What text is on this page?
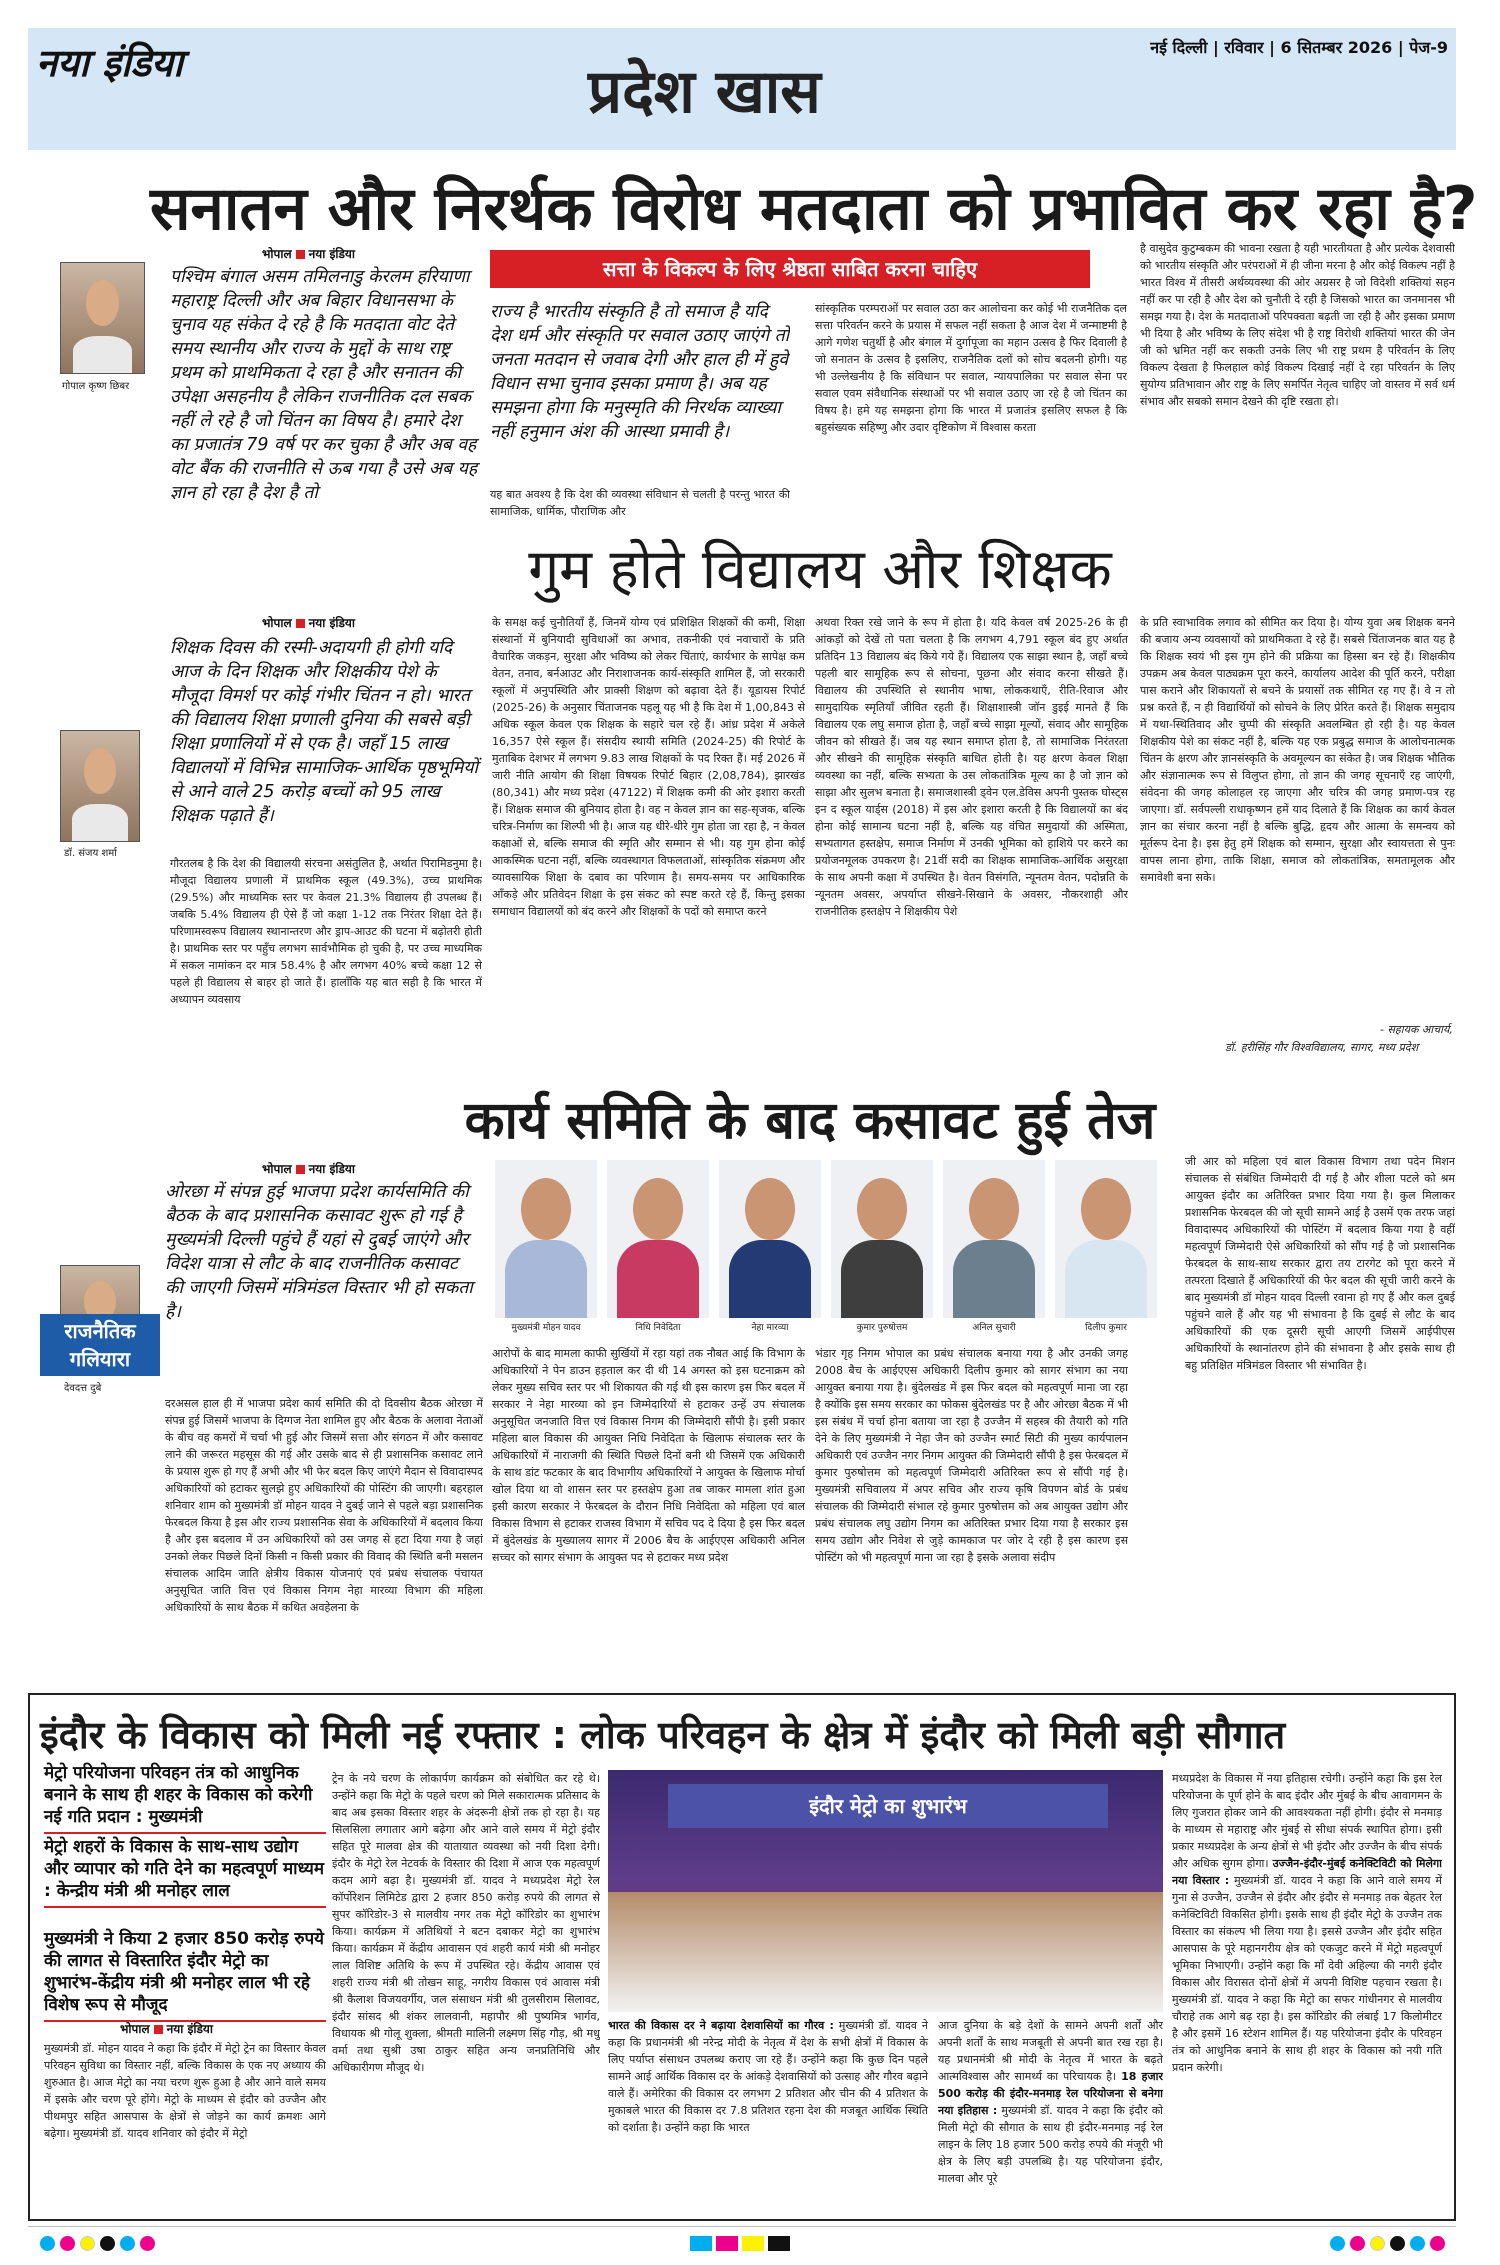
नया इंडिया	प्रदेश खास
नई दिल्ली | रविवार | 6 सितम्बर 2026 | पेज-9
सनातन और निरर्थक विरोध मतदाता को प्रभावित कर रहा है?
भोपाल नया इंडिया
सत्ता के विकल्प के लिए श्रेष्ठता साबित करना चाहिए
गोपाल कृष्ण छिबर
पश्चिम बंगाल असम तमिलनाडु केरलम हरियाणा महाराष्ट्र दिल्ली और अब बिहार विधानसभा के चुनाव यह संकेत दे रहे है कि मतदाता वोट देते समय स्थानीय और राज्य के मुद्दों के साथ राष्ट्र प्रथम को प्राथमिकता दे रहा है और सनातन की उपेक्षा असहनीय है लेकिन राजनीतिक दल सबक नहीं ले रहे है जो चिंतन का विषय है। हमारे देश का प्रजातंत्र 79 वर्ष पर कर चुका है और अब वह वोट बैंक की राजनीति से ऊब गया है उसे अब यह ज्ञान हो रहा है देश है तो
राज्य है भारतीय संस्कृति है तो समाज है यदि देश धर्म और संस्कृति पर सवाल उठाए जाएंगे तो जनता मतदान से जवाब देगी और हाल ही में हुवे विधान सभा चुनाव इसका प्रमाण है। अब यह समझना होगा कि मनुस्मृति की निरर्थक व्याख्या नहीं हनुमान अंश की आस्था प्रमावी है।
यह बात अवश्य है कि देश की व्यवस्था संविधान से चलती है परन्तु भारत की सामाजिक, धार्मिक, पौराणिक और
सांस्कृतिक परम्पराओं पर सवाल उठा कर आलोचना कर कोई भी राजनैतिक दल सत्ता परिवर्तन करने के प्रयास में सफल नहीं सकता है आज देश में जन्माष्टमी है आगे गणेश चतुर्थी है और बंगाल में दुर्गापूजा का महान उत्सव है फिर दिवाली है जो सनातन के उत्सव है इसलिए, राजनैतिक दलों को सोच बदलनी होगी। यह भी उल्लेखनीय है कि संविधान पर सवाल, न्यायपालिका पर सवाल सेना पर सवाल एवम संवैधानिक संस्थाओं पर भी सवाल उठाए जा रहे है जो चिंतन का विषय है। हमे यह समझना होगा कि भारत में प्रजातंत्र इसलिए सफल है कि बहुसंख्यक सहिष्णु और उदार दृष्टिकोण में विश्वास करता
है वासुदेव कुटुम्बकम की भावना रखता है यही भारतीयता है और प्रत्येक देशवासी को भारतीय संस्कृति और परंपराओं में ही जीना मरना है और कोई विकल्प नहीं है भारत विश्व में तीसरी अर्थव्यवस्था की ओर अग्रसर है जो विदेशी शक्तियां सहन नहीं कर पा रही है और देश को चुनौती दे रही है जिसको भारत का जनमानस भी समझ गया है। देश के मतदाताओं परिपक्वता बढ़ती जा रही है और इसका प्रमाण भी दिया है और भविष्य के लिए संदेश भी है राष्ट्र विरोधी शक्तियां भारत की जेन जी को भ्रमित नहीं कर सकती उनके लिए भी राष्ट्र प्रथम है परिवर्तन के लिए विकल्प देखता है फिलहाल कोई विकल्प दिखाई नहीं दे रहा परिवर्तन के लिए सुयोग्य प्रतिभावान और राष्ट्र के लिए समर्पित नेतृत्व चाहिए जो वास्तव में सर्व धर्म संभाव और सबको समान देखने की दृष्टि रखता हो।
गुम होते विद्यालय और शिक्षक
भोपाल नया इंडिया
डॉ. संजय शर्मा
शिक्षक दिवस की रस्मी-अदायगी ही होगी यदि आज के दिन शिक्षक और शिक्षकीय पेशे के मौजूदा विमर्श पर कोई गंभीर चिंतन न हो। भारत की विद्यालय शिक्षा प्रणाली दुनिया की सबसे बड़ी शिक्षा प्रणालियों में से एक है। जहाँ 15 लाख विद्यालयों में विभिन्न सामाजिक-आर्थिक पृष्ठभूमियों से आने वाले 25 करोड़ बच्चों को 95 लाख शिक्षक पढ़ाते हैं।
गौरतलब है कि देश की विद्यालयी संरचना असंतुलित है, अर्थात पिरामिडनुमा है। मौजूदा विद्यालय प्रणाली में प्राथमिक स्कूल (49.3%), उच्च प्राथमिक (29.5%) और माध्यमिक स्तर पर केवल 21.3% विद्यालय ही उपलब्ध हैं। जबकि 5.4% विद्यालय ही ऐसे हैं जो कक्षा 1-12 तक निरंतर शिक्षा देते हैं। परिणामस्वरूप विद्यालय स्थानान्तरण और ड्राप-आउट की घटना में बढ़ोतरी होती है। प्राथमिक स्तर पर पहुँच लगभग सार्वभौमिक हो चुकी है, पर उच्च माध्यमिक में सकल नामांकन दर मात्र 58.4% है और लगभग 40% बच्चे कक्षा 12 से पहले ही विद्यालय से बाहर हो जाते हैं। हालाँकि यह बात सही है कि भारत में अध्यापन व्यवसाय
के समक्ष कई चुनौतियाँ हैं, जिनमें योग्य एवं प्रशिक्षित शिक्षकों की कमी, शिक्षा संस्थानों में बुनियादी सुविधाओं का अभाव, तकनीकी एवं नवाचारों के प्रति वैचारिक जकड़न, सुरक्षा और भविष्य को लेकर चिंताएं, कार्यभार के सापेक्ष कम वेतन, तनाव, बर्नआउट और निराशाजनक कार्य-संस्कृति शामिल हैं, जो सरकारी स्कूलों में अनुपस्थिति और प्राक्सी शिक्षण को बढ़ावा देते हैं। यूडायस रिपोर्ट (2025-26) के अनुसार चिंताजनक पहलू यह भी है कि देश में 1,00,843 से अधिक स्कूल केवल एक शिक्षक के सहारे चल रहे हैं। आंध्र प्रदेश में अकेले 16,357 ऐसे स्कूल हैं। संसदीय स्थायी समिति (2024-25) की रिपोर्ट के मुताबिक देशभर में लगभग 9.83 लाख शिक्षकों के पद रिक्त हैं। मई 2026 में जारी नीति आयोग की शिक्षा विषयक रिपोर्ट बिहार (2,08,784), झारखंड (80,341) और मध्य प्रदेश (47122) में शिक्षक कमी की ओर इशारा करती हैं। शिक्षक समाज की बुनियाद होता है। वह न केवल ज्ञान का सह-सृजक, बल्कि चरित्र-निर्माण का शिल्पी भी है। आज यह धीरे-धीरे गुम होता जा रहा है, न केवल कक्षाओं से, बल्कि समाज की स्मृति और सम्मान से भी। यह गुम होना कोई आकस्मिक घटना नहीं, बल्कि व्यवस्थागत विफलताओं, सांस्कृतिक संक्रमण और व्यावसायिक शिक्षा के दबाव का परिणाम है। समय-समय पर आधिकारिक आँकड़े और प्रतिवेदन शिक्षा के इस संकट को स्पष्ट करते रहे हैं, किन्तु इसका समाधान विद्यालयों को बंद करने और शिक्षकों के पदों को समाप्त करने
अथवा रिक्त रखे जाने के रूप में होता है। यदि केवल वर्ष 2025-26 के ही आंकड़ों को देखें तो पता चलता है कि लगभग 4,791 स्कूल बंद हुए अर्थात प्रतिदिन 13 विद्यालय बंद किये गये हैं। विद्यालय एक साझा स्थान है, जहाँ बच्चे पहली बार सामूहिक रूप से सोचना, पूछना और संवाद करना सीखते हैं। विद्यालय की उपस्थिति से स्थानीय भाषा, लोककथाएँ, रीति-रिवाज और सामुदायिक स्मृतियाँ जीवित रहती हैं। शिक्षाशास्त्री जॉन डुइई मानते हैं कि विद्यालय एक लघु समाज होता है, जहाँ बच्चे साझा मूल्यों, संवाद और सामूहिक जीवन को सीखते हैं। जब यह स्थान समाप्त होता है, तो सामाजिक निरंतरता और सीखने की सामूहिक संस्कृति बाधित होती है। यह क्षरण केवल शिक्षा व्यवस्था का नहीं, बल्कि सभ्यता के उस लोकतांत्रिक मूल्य का है जो ज्ञान को साझा और सुलभ बनाता है। समाजशास्त्री ड्वेन एल.डेविस अपनी पुस्तक घोस्ट्स इन द स्कूल यार्ड्स (2018) में इस ओर इशारा करती है कि विद्यालयों का बंद होना कोई सामान्य घटना नहीं है, बल्कि यह वंचित समुदायों की अस्मिता, सभ्यतागत हस्तक्षेप, समाज निर्माण में उनकी भूमिका को हाशिये पर करने का प्रयोजनमूलक उपकरण है। 21वीं सदी का शिक्षक सामाजिक-आर्थिक असुरक्षा के साथ अपनी कक्षा में उपस्थित है। वेतन विसंगति, न्यूनतम वेतन, पदोन्नति के न्यूनतम अवसर, अपर्याप्त सीखने-सिखाने के अवसर, नौकरशाही और राजनीतिक हस्तक्षेप ने शिक्षकीय पेशे
के प्रति स्वाभाविक लगाव को सीमित कर दिया है। योग्य युवा अब शिक्षक बनने की बजाय अन्य व्यवसायों को प्राथमिकता दे रहे हैं। सबसे चिंताजनक बात यह है कि शिक्षक स्वयं भी इस गुम होने की प्रक्रिया का हिस्सा बन रहे हैं। शिक्षकीय उपक्रम अब केवल पाठ्यक्रम पूरा करने, कार्यालय आदेश की पूर्ति करने, परीक्षा पास कराने और शिकायतों से बचने के प्रयासों तक सीमित रह गए हैं। वे न तो प्रश्न करते हैं, न ही विद्यार्थियों को सोचने के लिए प्रेरित करते हैं। शिक्षक समुदाय में यथा-स्थितिवाद और चुप्पी की संस्कृति अवलम्बित हो रही है। यह केवल शिक्षकीय पेशे का संकट नहीं है, बल्कि यह एक प्रबुद्ध समाज के आलोचनात्मक चिंतन के क्षरण और ज्ञानसंस्कृति के अवमूल्यन का संकेत है। जब शिक्षक भौतिक और संज्ञानात्मक रूप से विलुप्त होगा, तो ज्ञान की जगह सूचनाएँ रह जाएंगी, संवेदना की जगह कोलाहल रह जाएगा और चरित्र की जगह प्रमाण-पत्र रह जाएगा। डॉ. सर्वपल्ली राधाकृष्णन हमें याद दिलाते हैं कि शिक्षक का कार्य केवल ज्ञान का संचार करना नहीं है बल्कि बुद्धि, हृदय और आत्मा के समन्वय को मूर्तरूप देना है। इस हेतु हमें शिक्षक को सम्मान, सुरक्षा और स्वायत्तता से पुनः वापस लाना होगा, ताकि शिक्षा, समाज को लोकतांत्रिक, समतामूलक और समावेशी बना सके।
- सहायक आचार्य,
डॉ. हरीसिंह गौर विश्वविद्यालय, सागर, मध्य प्रदेश
कार्य समिति के बाद कसावट हुई तेज
भोपाल नया इंडिया
ओरछा में संपन्न हुई भाजपा प्रदेश कार्यसमिति की बैठक के बाद प्रशासनिक कसावट शुरू हो गई है मुख्यमंत्री दिल्ली पहुंचे हैं यहां से दुबई जाएंगे और विदेश यात्रा से लौट के बाद राजनीतिक कसावट की जाएगी जिसमें मंत्रिमंडल विस्तार भी हो सकता है।
राजनैतिक गलियारा
देवदत्त दुबे
मुख्यमंत्री मोहन यादव	निधि निवेदिता	नेहा मारव्या	कुमार पुरुषोत्तम	अनिल सुचारी	दिलीप कुमार
दरअसल हाल ही में भाजपा प्रदेश कार्य समिति की दो दिवसीय बैठक ओरछा में संपन्न हुई जिसमें भाजपा के दिग्गज नेता शामिल हुए और बैठक के अलावा नेताओं के बीच वह कमरों में चर्चा भी हुई और जिसमें सत्ता और संगठन में और कसावट लाने की जरूरत महसूस की गई और उसके बाद से ही प्रशासनिक कसावट लाने के प्रयास शुरू हो गए हैं अभी और भी फेर बदल किए जाएंगे मैदान से विवादास्पद अधिकारियों को हटाकर सुलझे हुए अधिकारियों की पोस्टिंग की जाएगी। बहरहाल शनिवार शाम को मुख्यमंत्री डॉ मोहन यादव ने दुबई जाने से पहले बड़ा प्रशासनिक फेरबदल किया है इस और राज्य प्रशासनिक सेवा के अधिकारियों में बदलाव किया है और इस बदलाव में उन अधिकारियों को उस जगह से हटा दिया गया है जहां उनको लेकर पिछले दिनों किसी न किसी प्रकार की विवाद की स्थिति बनी मसलन संचालक आदिम जाति क्षेत्रीय विकास योजनाएं एवं प्रबंध संचालक पंचायत अनुसूचित जाति वित्त एवं विकास निगम नेहा मारव्या विभाग की महिला अधिकारियों के साथ बैठक में कथित अवहेलना के
आरोपों के बाद मामला काफी सुर्खियों में रहा यहां तक नौबत आई कि विभाग के अधिकारियों ने पेन डाउन हड़ताल कर दी थी 14 अगस्त को इस घटनाक्रम को लेकर मुख्य सचिव स्तर पर भी शिकायत की गई थी इस कारण इस फिर बदल में सरकार ने नेहा मारव्या को इन जिम्मेदारियों से हटाकर उन्हें उप संचालक अनुसूचित जनजाति वित्त एवं विकास निगम की जिम्मेदारी सौंपी है। इसी प्रकार महिला बाल विकास की आयुक्त निधि निवेदिता के खिलाफ संचालक स्तर के अधिकारियों में नाराजगी की स्थिति पिछले दिनों बनी थी जिसमें एक अधिकारी के साथ डांट फटकार के बाद विभागीय अधिकारियों ने आयुक्त के खिलाफ मोर्चा खोल दिया था वो शासन स्तर पर हस्तक्षेप हुआ तब जाकर मामला शांत हुआ इसी कारण सरकार ने फेरबदल के दौरान निधि निवेदिता को महिला एवं बाल विकास विभाग से हटाकर राजस्व विभाग में सचिव पद दे दिया है इस फिर बदल में बुंदेलखंड के मुख्यालय सागर में 2006 बैच के आईएएस अधिकारी अनिल सच्चर को सागर संभाग के आयुक्त पद से हटाकर मध्य प्रदेश
भंडार गृह निगम भोपाल का प्रबंध संचालक बनाया गया है और उनकी जगह 2008 बैच के आईएएस अधिकारी दिलीप कुमार को सागर संभाग का नया आयुक्त बनाया गया है। बुंदेलखंड में इस फिर बदल को महत्वपूर्ण माना जा रहा है क्योंकि इस समय सरकार का फोकस बुंदेलखंड पर है और ओरछा बैठक में भी इस संबंध में चर्चा होना बताया जा रहा है उज्जैन में सहस्त्र की तैयारी को गति देने के लिए मुख्यमंत्री ने नेहा जैन को उज्जैन स्मार्ट सिटी की मुख्य कार्यपालन अधिकारी एवं उज्जैन नगर निगम आयुक्त की जिम्मेदारी सौंपी है इस फेरबदल में कुमार पुरुषोत्तम को महत्वपूर्ण जिम्मेदारी अतिरिक्त रूप से सौंपी गई है। मुख्यमंत्री सचिवालय में अपर सचिव और राज्य कृषि विपणन बोर्ड के प्रबंध संचालक की जिम्मेदारी संभाल रहे कुमार पुरुषोत्तम को अब आयुक्त उद्योग और प्रबंध संचालक लघु उद्योग निगम का अतिरिक्त प्रभार दिया गया है सरकार इस समय उद्योग और निवेश से जुड़े कामकाज पर जोर दे रही है इस कारण इस पोस्टिंग को भी महत्वपूर्ण माना जा रहा है इसके अलावा संदीप
जी आर को महिला एवं बाल विकास विभाग तथा पदेन मिशन संचालक से संबंधित जिम्मेदारी दी गई है और शीला पटले को श्रम आयुक्त इंदौर का अतिरिक्त प्रभार दिया गया है। कुल मिलाकर प्रशासनिक फेरबदल की जो सूची सामने आई है उसमें एक तरफ जहां विवादास्पद अधिकारियों की पोस्टिंग में बदलाव किया गया है वहीं महत्वपूर्ण जिम्मेदारी ऐसे अधिकारियों को सौंप गई है जो प्रशासनिक फेरबदल के साथ-साथ सरकार द्वारा तय टारगेट को पूरा करने में तत्परता दिखाते हैं अधिकारियों की फेर बदल की सूची जारी करने के बाद मुख्यमंत्री डॉ मोहन यादव दिल्ली रवाना हो गए हैं और कल दुबई पहुंचने वाले हैं और यह भी संभावना है कि दुबई से लौट के बाद अधिकारियों की एक दूसरी सूची आएगी जिसमें आईपीएस अधिकारियों के स्थानांतरण होने की संभावना है और इसके साथ ही बहु प्रतिक्षित मंत्रिमंडल विस्तार भी संभावित है।
इंदौर के विकास को मिली नई रफ्तार : लोक परिवहन के क्षेत्र में इंदौर को मिली बड़ी सौगात
मेट्रो परियोजना परिवहन तंत्र को आधुनिक बनाने के साथ ही शहर के विकास को करेगी नई गति प्रदान : मुख्यमंत्री
मेट्रो शहरों के विकास के साथ-साथ उद्योग और व्यापार को गति देने का महत्वपूर्ण माध्यम : केन्द्रीय मंत्री श्री मनोहर लाल
मुख्यमंत्री ने किया 2 हजार 850 करोड़ रुपये की लागत से विस्तारित इंदौर मेट्रो का शुभारंभ-केंद्रीय मंत्री श्री मनोहर लाल भी रहे विशेष रूप से मौजूद
भोपाल नया इंडिया
मुख्यमंत्री डॉ. मोहन यादव ने कहा कि इंदौर में मेट्रो ट्रेन का विस्तार केवल परिवहन सुविधा का विस्तार नहीं, बल्कि विकास के एक नए अध्याय की शुरुआत है। आज मेट्रो का नया चरण शुरू हुआ है और आने वाले समय में इसके और चरण पूरे होंगे। मेट्रो के माध्यम से इंदौर को उज्जैन और पीथमपुर सहित आसपास के क्षेत्रों से जोड़ने का कार्य क्रमशः आगे बढ़ेगा। मुख्यमंत्री डॉ. यादव शनिवार को इंदौर में मेट्रो
ट्रेन के नये चरण के लोकार्पण कार्यक्रम को संबोधित कर रहे थे। उन्होंने कहा कि मेट्रो के पहले चरण को मिले सकारात्मक प्रतिसाद के बाद अब इसका विस्तार शहर के अंदरूनी क्षेत्रों तक हो रहा है। यह सिलसिला लगातार आगे बढ़ेगा और आने वाले समय में मेट्रो इंदौर सहित पूरे मालवा क्षेत्र की यातायात व्यवस्था को नयी दिशा देगी। इंदौर के मेट्रो रेल नेटवर्क के विस्तार की दिशा में आज एक महत्वपूर्ण कदम आगे बढ़ा है। मुख्यमंत्री डॉ. यादव ने मध्यप्रदेश मेट्रो रेल कॉर्पोरेशन लिमिटेड द्वारा 2 हजार 850 करोड़ रुपये की लागत से सुपर कॉरिडोर-3 से मालवीय नगर तक मेट्रो कॉरिडोर का शुभारंभ किया। कार्यक्रम में अतिथियों ने बटन दबाकर मेट्रो का शुभारंभ किया। कार्यक्रम में केंद्रीय आवासन एवं शहरी कार्य मंत्री श्री मनोहर लाल विशिष्ट अतिथि के रूप में उपस्थित रहे। केंद्रीय आवास एवं शहरी राज्य मंत्री श्री तोखन साहू, नगरीय विकास एवं आवास मंत्री श्री कैलाश विजयवर्गीय, जल संसाधन मंत्री श्री तुलसीराम सिलावट, इंदौर सांसद श्री शंकर लालवानी, महापौर श्री पुष्यमित्र भार्गव, विधायक श्री गोलू शुक्ला, श्रीमती मालिनी लक्ष्मण सिंह गौड़, श्री मधु वर्मा तथा सुश्री उषा ठाकुर सहित अन्य जनप्रतिनिधि और अधिकारीगण मौजूद थे।
इंदौर मेट्रो का शुभारंभ
भारत की विकास दर ने बढ़ाया देशवासियों का गौरव : मुख्यमंत्री डॉ. यादव ने कहा कि प्रधानमंत्री श्री नरेन्द्र मोदी के नेतृत्व में देश के सभी क्षेत्रों में विकास के लिए पर्याप्त संसाधन उपलब्ध कराए जा रहे हैं। उन्होंने कहा कि कुछ दिन पहले सामने आई आर्थिक विकास दर के आंकड़े देशवासियों को उत्साह और गौरव बढ़ाने वाले हैं। अमेरिका की विकास दर लगभग 2 प्रतिशत और चीन की 4 प्रतिशत के मुकाबले भारत की विकास दर 7.8 प्रतिशत रहना देश की मजबूत आर्थिक स्थिति को दर्शाता है। उन्होंने कहा कि भारत
आज दुनिया के बड़े देशों के सामने अपनी शर्तों और अपनी शर्तों के साथ मजबूती से अपनी बात रख रहा है। यह प्रधानमंत्री श्री मोदी के नेतृत्व में भारत के बढ़ते आत्मविश्वास और सामर्थ्य का परिचायक है। 18 हजार 500 करोड़ की इंदौर-मनमाड़ रेल परियोजना से बनेगा नया इतिहास : मुख्यमंत्री डॉ. यादव ने कहा कि इंदौर को मिली मेट्रो की सौगात के साथ ही इंदौर-मनमाड़ नई रेल लाइन के लिए 18 हजार 500 करोड़ रुपये की मंजूरी भी क्षेत्र के लिए बड़ी उपलब्धि है। यह परियोजना इंदौर, मालवा और पूरे
मध्यप्रदेश के विकास में नया इतिहास रचेगी। उन्होंने कहा कि इस रेल परियोजना के पूर्ण होने के बाद इंदौर और मुंबई के बीच आवागमन के लिए गुजरात होकर जाने की आवश्यकता नहीं होगी। इंदौर से मनमाड़ के माध्यम से महाराष्ट्र और मुंबई से सीधा संपर्क स्थापित होगा। इसी प्रकार मध्यप्रदेश के अन्य क्षेत्रों से भी इंदौर और उज्जैन के बीच संपर्क और अधिक सुगम होगा। उज्जैन-इंदौर-मुंबई कनेक्टिविटी को मिलेगा नया विस्तार : मुख्यमंत्री डॉ. यादव ने कहा कि आने वाले समय में गुना से उज्जैन, उज्जैन से इंदौर और इंदौर से मनमाड़ तक बेहतर रेल कनेक्टिविटी विकसित होगी। इसके साथ ही इंदौर मेट्रो के उज्जैन तक विस्तार का संकल्प भी लिया गया है। इससे उज्जैन और इंदौर सहित आसपास के पूरे महानगरीय क्षेत्र को एकजुट करने में मेट्रो महत्वपूर्ण भूमिका निभाएगी। उन्होंने कहा कि माँ देवी अहिल्या की नगरी इंदौर विकास और विरासत दोनों क्षेत्रों में अपनी विशिष्ट पहचान रखता है। मुख्यमंत्री डॉ. यादव ने कहा कि मेट्रो का सफर गांधीनगर से मालवीय चौराहे तक आगे बढ़ रहा है। इस कॉरिडोर की लंबाई 17 किलोमीटर है और इसमें 16 स्टेशन शामिल हैं। यह परियोजना इंदौर के परिवहन तंत्र को आधुनिक बनाने के साथ ही शहर के विकास को नयी गति प्रदान करेगी।
